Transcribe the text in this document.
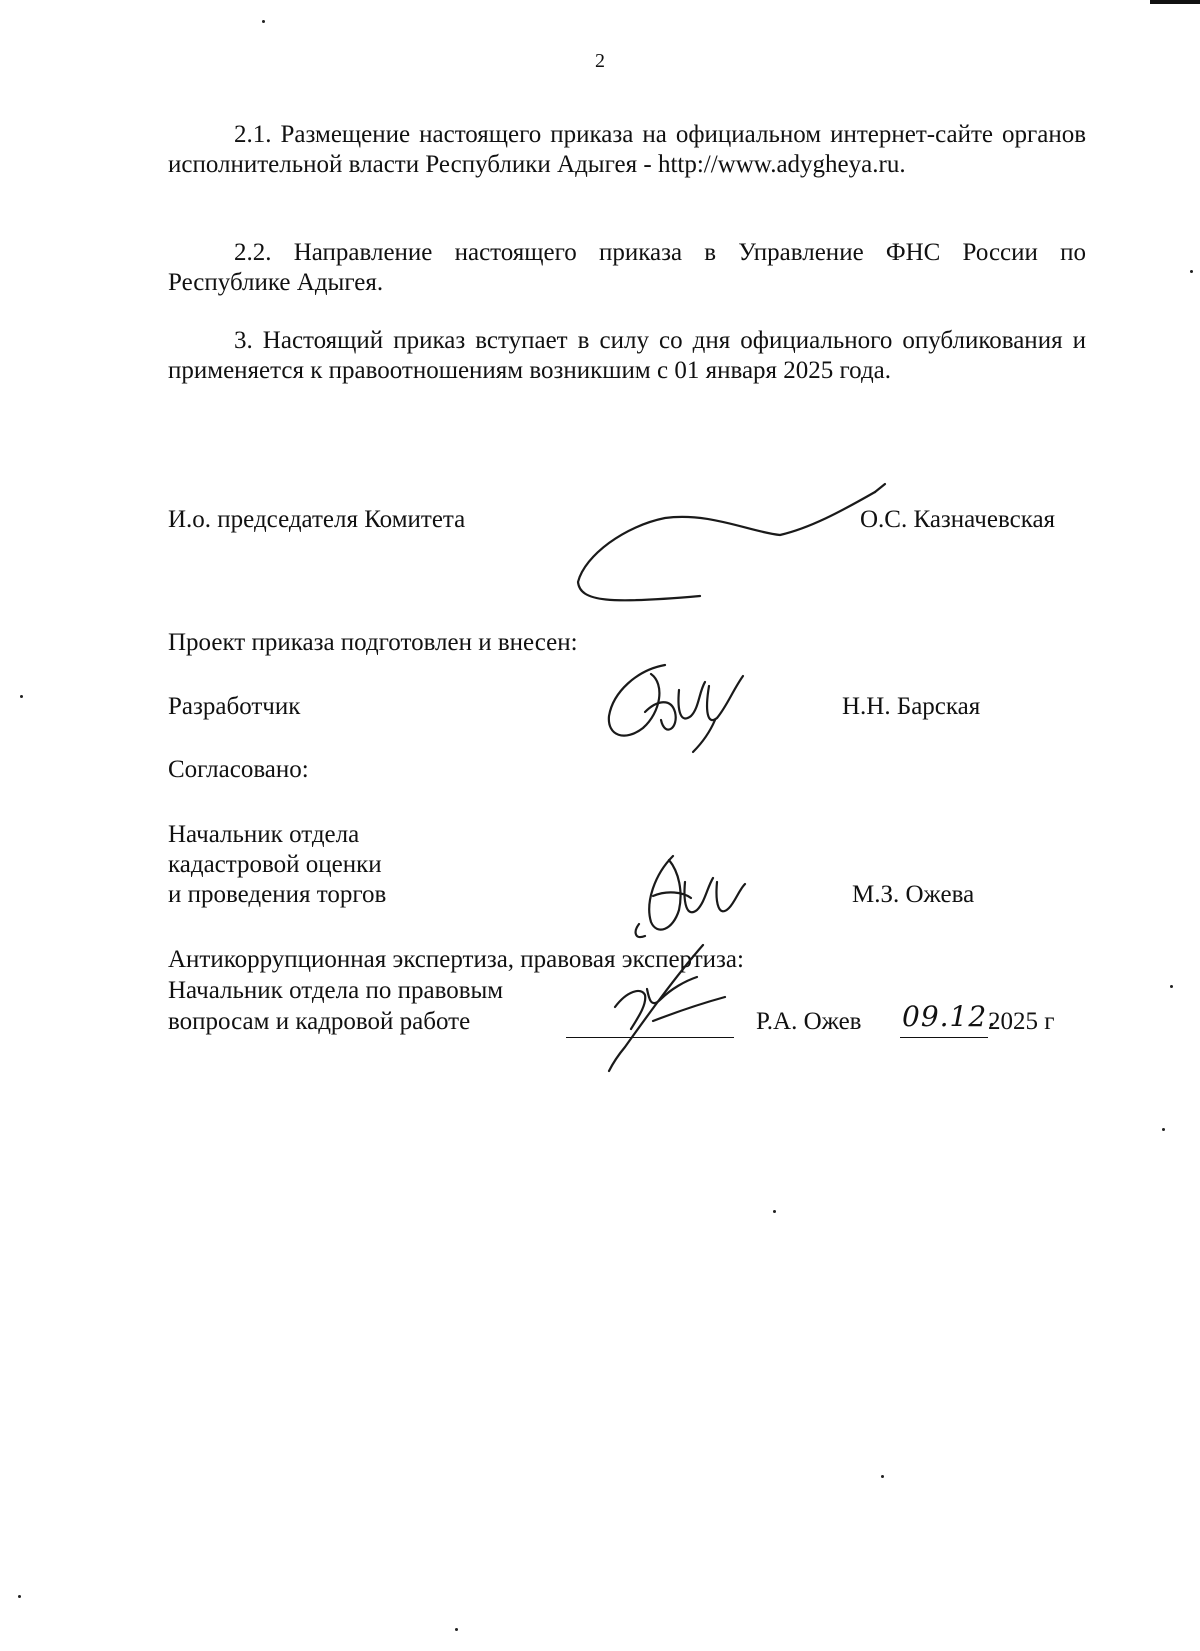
2
2.1. Размещение настоящего приказа на официальном интернет-сайте органов исполнительной власти Республики Адыгея - http://www.adygheya.ru.
2.2. Направление настоящего приказа в Управление ФНС России по Республике Адыгея.
3. Настоящий приказ вступает в силу со дня официального опубликования и применяется к правоотношениям возникшим с 01 января 2025 года.
И.о. председателя Комитета	О.С. Казначевская
Проект приказа подготовлен и внесен:
Разработчик	Н.Н. Барская
Согласовано:
Начальник отдела
кадастровой оценки
и проведения торгов	М.З. Ожева
Антикоррупционная экспертиза, правовая экспертиза:
Начальник отдела по правовым
вопросам и кадровой работе	Р.А. Ожев 09.12.
2025 г
